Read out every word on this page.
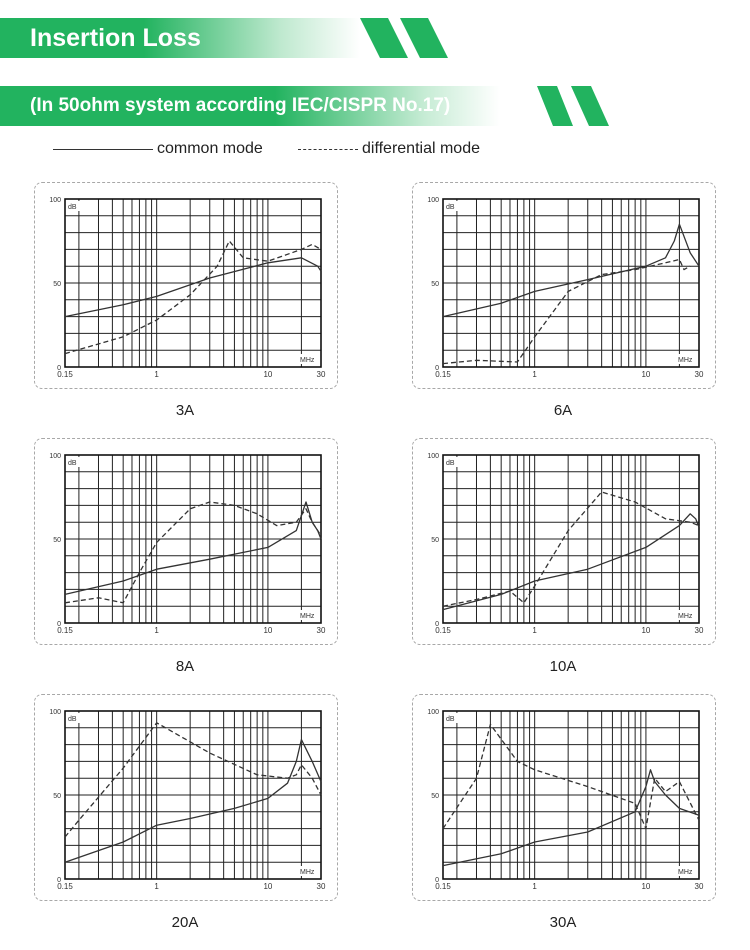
Insertion Loss
(In 50ohm system according IEC/CISPR No.17)
common mode	differential mode
dB
MHz
100
50
0
0.15	1	10	30
3A
dB
MHz
100
50
0
0.15	1	10	30
6A
dB
MHz
100
50
0
0.15	1	10	30
8A
dB
MHz
100
50
0
0.15	1	10	30
10A
dB
MHz
100
50
0
0.15	1	10	30
20A
dB
MHz
100
50
0
0.15	1	10	30
30A
